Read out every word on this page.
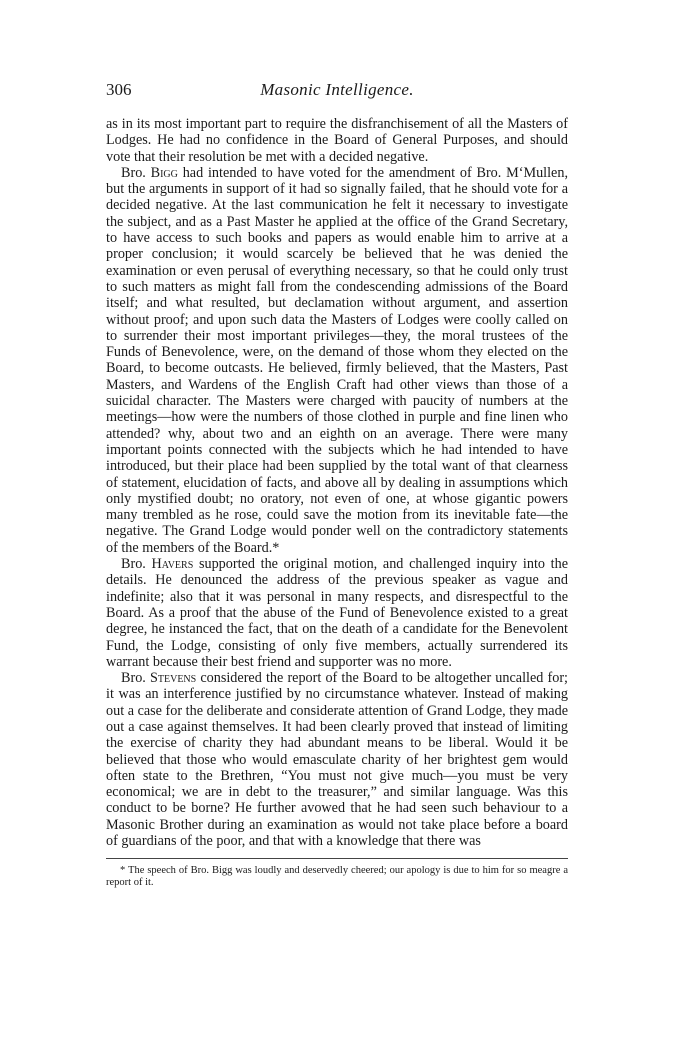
306	Masonic Intelligence.

as in its most important part to require the disfranchisement of all the Masters of Lodges. He had no confidence in the Board of General Purposes, and should vote that their resolution be met with a decided negative.

Bro. Bigg had intended to have voted for the amendment of Bro. M‘Mullen, but the arguments in support of it had so signally failed, that he should vote for a decided negative. At the last communication he felt it necessary to investigate the subject, and as a Past Master he applied at the office of the Grand Secretary, to have access to such books and papers as would enable him to arrive at a proper conclusion; it would scarcely be believed that he was denied the examination or even perusal of everything necessary, so that he could only trust to such matters as might fall from the condescending admissions of the Board itself; and what resulted, but declamation without argument, and assertion without proof; and upon such data the Masters of Lodges were coolly called on to surrender their most important privileges—they, the moral trustees of the Funds of Benevolence, were, on the demand of those whom they elected on the Board, to become outcasts. He believed, firmly believed, that the Masters, Past Masters, and Wardens of the English Craft had other views than those of a suicidal character. The Masters were charged with paucity of numbers at the meetings—how were the numbers of those clothed in purple and fine linen who attended? why, about two and an eighth on an average. There were many important points connected with the subjects which he had intended to have introduced, but their place had been supplied by the total want of that clearness of statement, elucidation of facts, and above all by dealing in assumptions which only mystified doubt; no oratory, not even of one, at whose gigantic powers many trembled as he rose, could save the motion from its inevitable fate—the negative. The Grand Lodge would ponder well on the contradictory statements of the members of the Board.*

Bro. Havers supported the original motion, and challenged inquiry into the details. He denounced the address of the previous speaker as vague and indefinite; also that it was personal in many respects, and disrespectful to the Board. As a proof that the abuse of the Fund of Benevolence existed to a great degree, he instanced the fact, that on the death of a candidate for the Benevolent Fund, the Lodge, consisting of only five members, actually surrendered its warrant because their best friend and supporter was no more.

Bro. Stevens considered the report of the Board to be altogether uncalled for; it was an interference justified by no circumstance whatever. Instead of making out a case for the deliberate and considerate attention of Grand Lodge, they made out a case against themselves. It had been clearly proved that instead of limiting the exercise of charity they had abundant means to be liberal. Would it be believed that those who would emasculate charity of her brightest gem would often state to the Brethren, “You must not give much—you must be very economical; we are in debt to the treasurer,” and similar language. Was this conduct to be borne? He further avowed that he had seen such behaviour to a Masonic Brother during an examination as would not take place before a board of guardians of the poor, and that with a knowledge that there was

* The speech of Bro. Bigg was loudly and deservedly cheered; our apology is due to him for so meagre a report of it.
